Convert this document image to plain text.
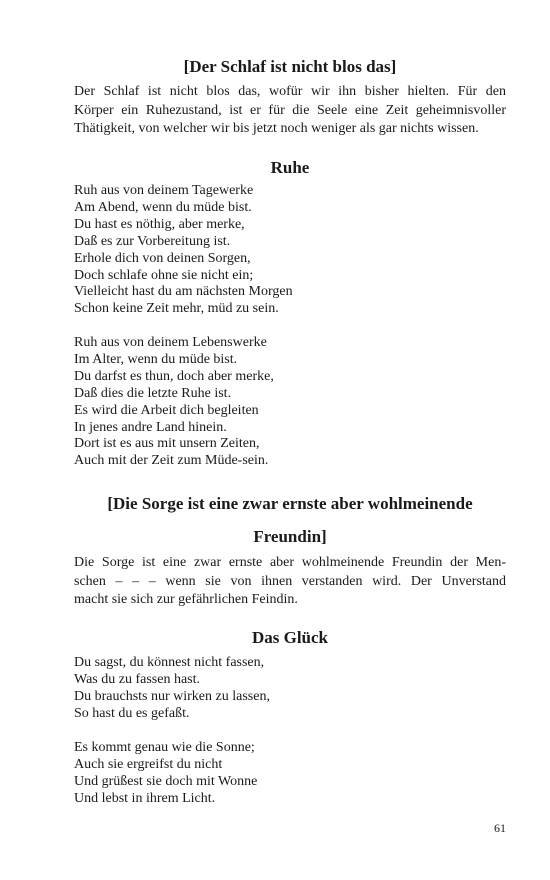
[Der Schlaf ist nicht blos das]
Der Schlaf ist nicht blos das, wofür wir ihn bisher hielten. Für den
Körper ein Ruhezustand, ist er für die Seele eine Zeit geheimnisvoller
Thätigkeit, von welcher wir bis jetzt noch weniger als gar nichts wissen.
Ruhe
Ruh aus von deinem Tagewerke
Am Abend, wenn du müde bist.
Du hast es nöthig, aber merke,
Daß es zur Vorbereitung ist.
Erhole dich von deinen Sorgen,
Doch schlafe ohne sie nicht ein;
Vielleicht hast du am nächsten Morgen
Schon keine Zeit mehr, müd zu sein.
Ruh aus von deinem Lebenswerke
Im Alter, wenn du müde bist.
Du darfst es thun, doch aber merke,
Daß dies die letzte Ruhe ist.
Es wird die Arbeit dich begleiten
In jenes andre Land hinein.
Dort ist es aus mit unsern Zeiten,
Auch mit der Zeit zum Müde-sein.
[Die Sorge ist eine zwar ernste aber wohlmeinende
Freundin]
Die Sorge ist eine zwar ernste aber wohlmeinende Freundin der Men-
schen – – – wenn sie von ihnen verstanden wird. Der Unverstand
macht sie sich zur gefährlichen Feindin.
Das Glück
Du sagst, du könnest nicht fassen,
Was du zu fassen hast.
Du brauchsts nur wirken zu lassen,
So hast du es gefaßt.
Es kommt genau wie die Sonne;
Auch sie ergreifst du nicht
Und grüßest sie doch mit Wonne
Und lebst in ihrem Licht.
61
